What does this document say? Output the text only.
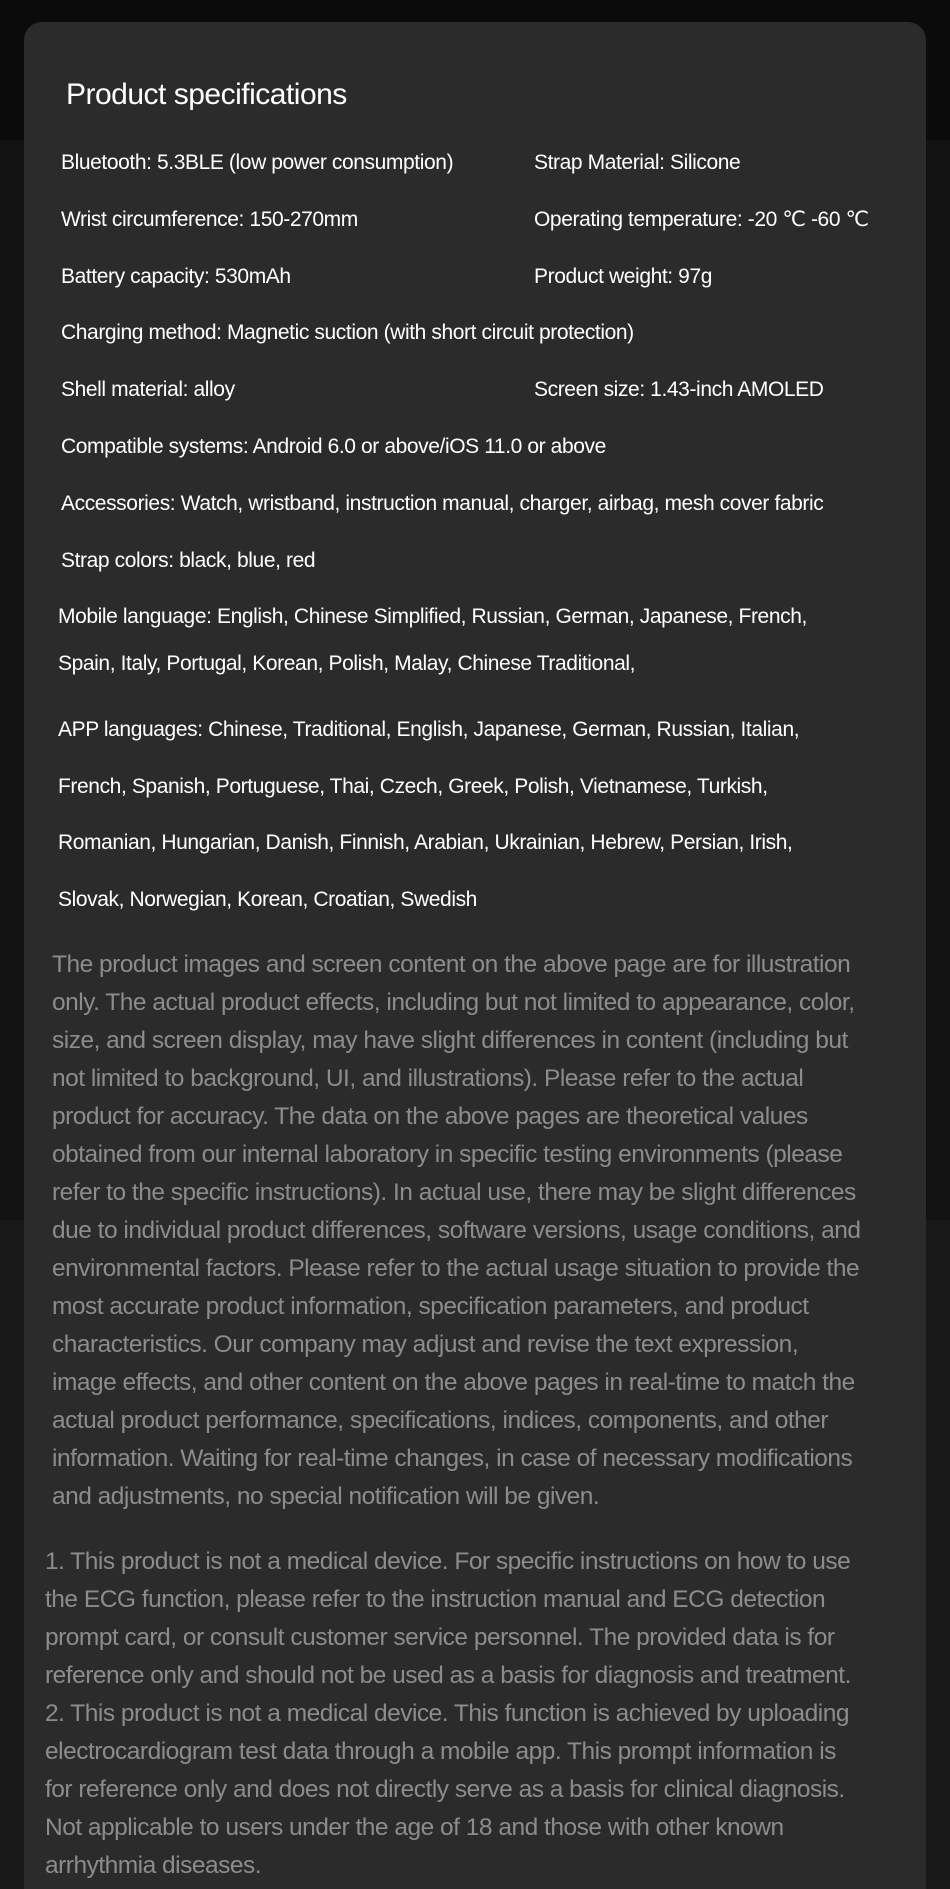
Product specifications
Bluetooth: 5.3BLE (low power consumption)	Strap Material: Silicone
Wrist circumference: 150-270mm	Operating temperature: -20 ℃ -60 ℃
Battery capacity: 530mAh	Product weight: 97g
Charging method: Magnetic suction (with short circuit protection)
Shell material: alloy	Screen size: 1.43-inch AMOLED
Compatible systems: Android 6.0 or above/iOS 11.0 or above
Accessories: Watch, wristband, instruction manual, charger, airbag, mesh cover fabric
Strap colors: black, blue, red
Mobile language: English, Chinese Simplified, Russian, German, Japanese, French,
Spain, Italy, Portugal, Korean, Polish, Malay, Chinese Traditional,
APP languages: Chinese, Traditional, English, Japanese, German, Russian, Italian,
French, Spanish, Portuguese, Thai, Czech, Greek, Polish, Vietnamese, Turkish,
Romanian, Hungarian, Danish, Finnish, Arabian, Ukrainian, Hebrew, Persian, Irish,
Slovak, Norwegian, Korean, Croatian, Swedish
The product images and screen content on the above page are for illustration
only. The actual product effects, including but not limited to appearance, color,
size, and screen display, may have slight differences in content (including but
not limited to background, UI, and illustrations). Please refer to the actual
product for accuracy. The data on the above pages are theoretical values
obtained from our internal laboratory in specific testing environments (please
refer to the specific instructions). In actual use, there may be slight differences
due to individual product differences, software versions, usage conditions, and
environmental factors. Please refer to the actual usage situation to provide the
most accurate product information, specification parameters, and product
characteristics. Our company may adjust and revise the text expression,
image effects, and other content on the above pages in real-time to match the
actual product performance, specifications, indices, components, and other
information. Waiting for real-time changes, in case of necessary modifications
and adjustments, no special notification will be given.
1. This product is not a medical device. For specific instructions on how to use
the ECG function, please refer to the instruction manual and ECG detection
prompt card, or consult customer service personnel. The provided data is for
reference only and should not be used as a basis for diagnosis and treatment.
2. This product is not a medical device. This function is achieved by uploading
electrocardiogram test data through a mobile app. This prompt information is
for reference only and does not directly serve as a basis for clinical diagnosis.
Not applicable to users under the age of 18 and those with other known
arrhythmia diseases.
